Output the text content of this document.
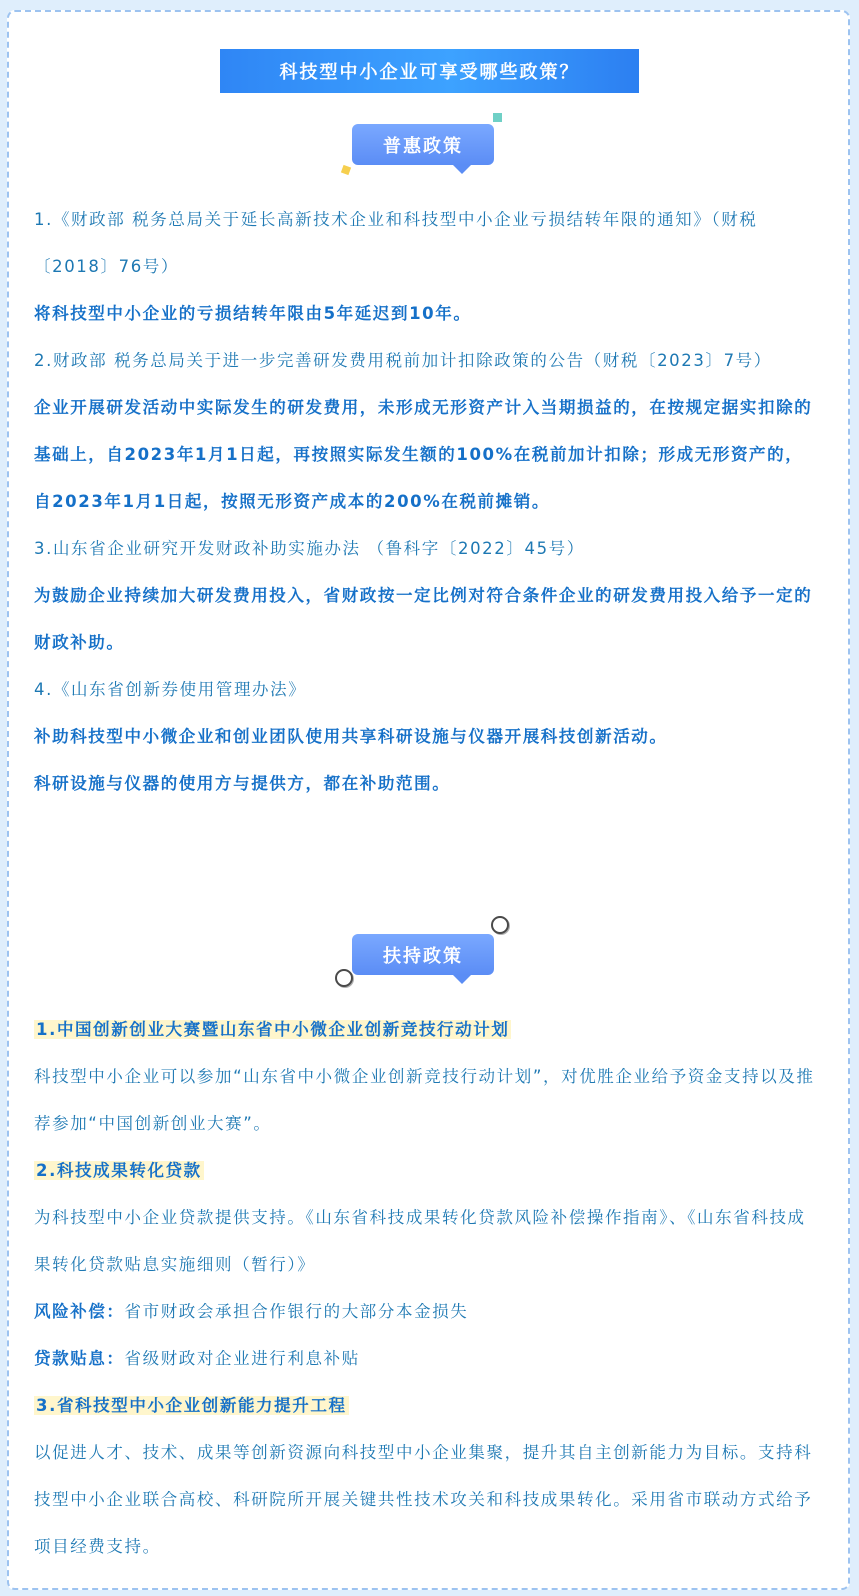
科技型中小企业可享受哪些政策？
普惠政策

1.《财政部 税务总局关于延长高新技术企业和科技型中小企业亏损结转年限的通知》（财税〔2018〕76号）

将科技型中小企业的亏损结转年限由5年延迟到10年。

2.财政部 税务总局关于进一步完善研发费用税前加计扣除政策的公告（财税〔2023〕7号）

企业开展研发活动中实际发生的研发费用，未形成无形资产计入当期损益的，在按规定据实扣除的基础上，自2023年1月1日起，再按照实际发生额的100%在税前加计扣除；形成无形资产的，自2023年1月1日起，按照无形资产成本的200%在税前摊销。

3.山东省企业研究开发财政补助实施办法 （鲁科字〔2022〕45号）

为鼓励企业持续加大研发费用投入，省财政按一定比例对符合条件企业的研发费用投入给予一定的财政补助。

4.《山东省创新券使用管理办法》

补助科技型中小微企业和创业团队使用共享科研设施与仪器开展科技创新活动。

科研设施与仪器的使用方与提供方，都在补助范围。

扶持政策

1.中国创新创业大赛暨山东省中小微企业创新竞技行动计划

科技型中小企业可以参加“山东省中小微企业创新竞技行动计划”，对优胜企业给予资金支持以及推荐参加“中国创新创业大赛”。

2.科技成果转化贷款

为科技型中小企业贷款提供支持。《山东省科技成果转化贷款风险补偿操作指南》、《山东省科技成果转化贷款贴息实施细则（暂行）》

风险补偿：省市财政会承担合作银行的大部分本金损失

贷款贴息：省级财政对企业进行利息补贴

3.省科技型中小企业创新能力提升工程

以促进人才、技术、成果等创新资源向科技型中小企业集聚，提升其自主创新能力为目标。支持科技型中小企业联合高校、科研院所开展关键共性技术攻关和科技成果转化。采用省市联动方式给予项目经费支持。
